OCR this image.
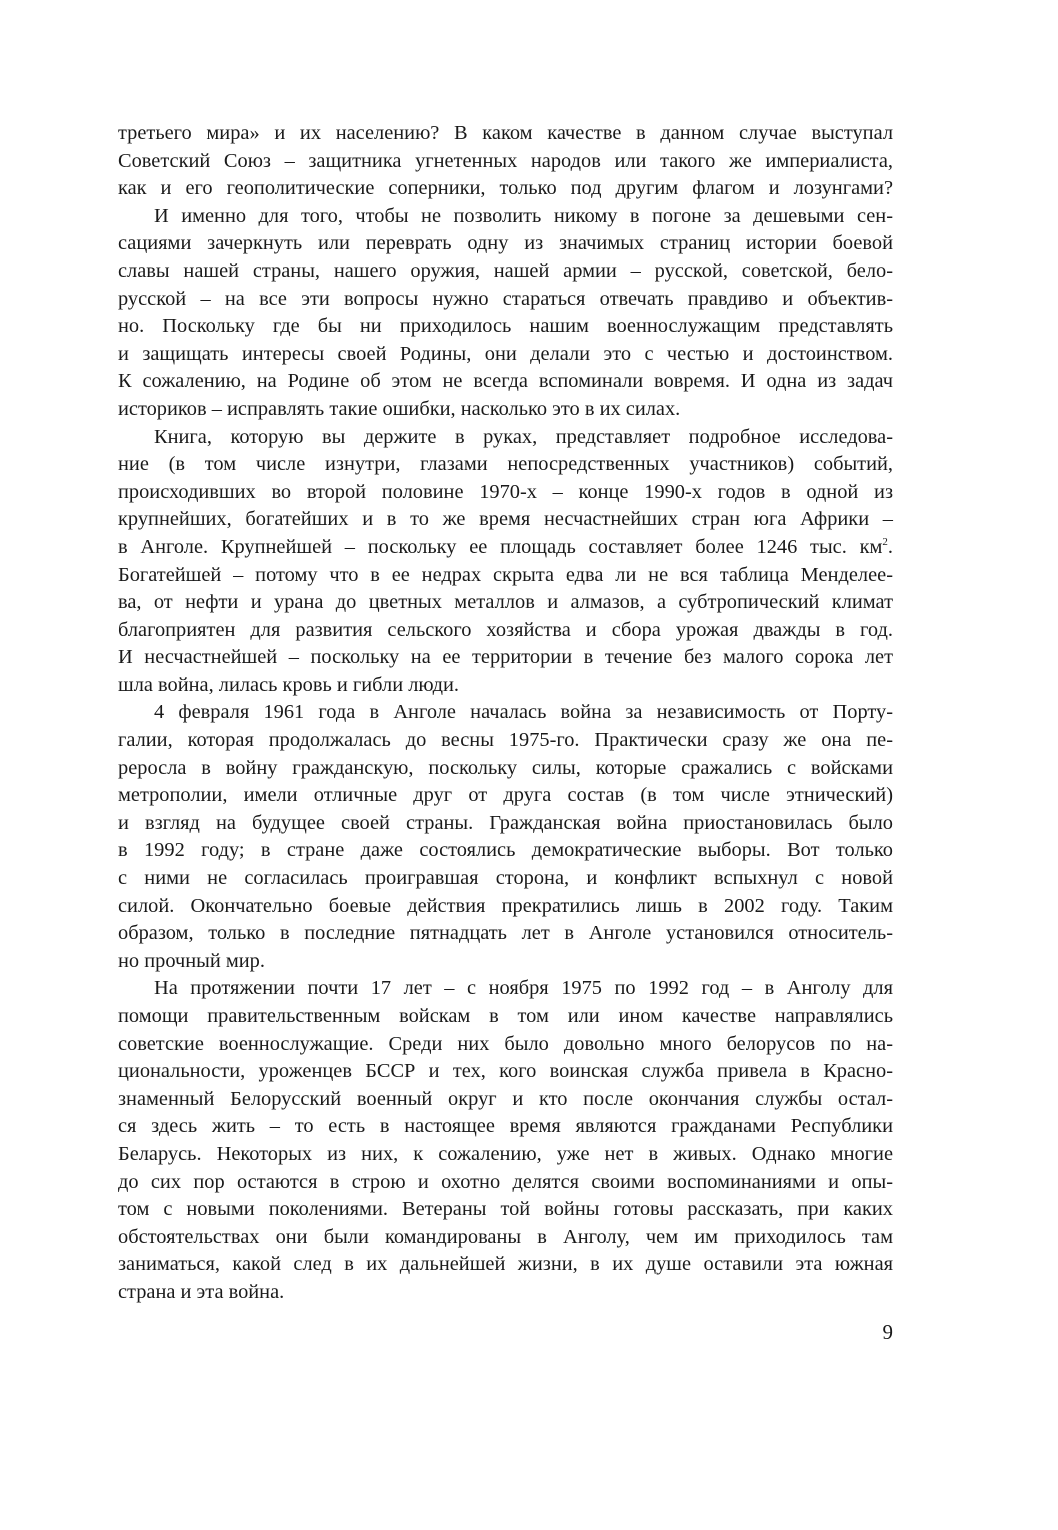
третьего мира» и их населению? В каком качестве в данном случае выступал
Советский Союз – защитника угнетенных народов или такого же империалиста,
как и его геополитические соперники, только под другим флагом и лозунгами?
И именно для того, чтобы не позволить никому в погоне за дешевыми сен-
сациями зачеркнуть или переврать одну из значимых страниц истории боевой
славы нашей страны, нашего оружия, нашей армии – русской, советской, бело-
русской – на все эти вопросы нужно стараться отвечать правдиво и объектив-
но. Поскольку где бы ни приходилось нашим военнослужащим представлять
и защищать интересы своей Родины, они делали это с честью и достоинством.
К сожалению, на Родине об этом не всегда вспоминали вовремя. И одна из задач
историков – исправлять такие ошибки, насколько это в их силах.
Книга, которую вы держите в руках, представляет подробное исследова-
ние (в том числе изнутри, глазами непосредственных участников) событий,
происходивших во второй половине 1970-х – конце 1990-х годов в одной из
крупнейших, богатейших и в то же время несчастнейших стран юга Африки –
в Анголе. Крупнейшей – поскольку ее площадь составляет более 1246 тыс. $км^2$.
Богатейшей – потому что в ее недрах скрыта едва ли не вся таблица Менделее-
ва, от нефти и урана до цветных металлов и алмазов, а субтропический климат
благоприятен для развития сельского хозяйства и сбора урожая дважды в год.
И несчастнейшей – поскольку на ее территории в течение без малого сорока лет
шла война, лилась кровь и гибли люди.
4 февраля 1961 года в Анголе началась война за независимость от Порту-
галии, которая продолжалась до весны 1975-го. Практически сразу же она пе-
реросла в войну гражданскую, поскольку силы, которые сражались с войсками
метрополии, имели отличные друг от друга состав (в том числе этнический)
и взгляд на будущее своей страны. Гражданская война приостановилась было
в 1992 году; в стране даже состоялись демократические выборы. Вот только
с ними не согласилась проигравшая сторона, и конфликт вспыхнул с новой
силой. Окончательно боевые действия прекратились лишь в 2002 году. Таким
образом, только в последние пятнадцать лет в Анголе установился относитель-
но прочный мир.
На протяжении почти 17 лет – с ноября 1975 по 1992 год – в Анголу для
помощи правительственным войскам в том или ином качестве направлялись
советские военнослужащие. Среди них было довольно много белорусов по на-
циональности, уроженцев БССР и тех, кого воинская служба привела в Красно-
знаменный Белорусский военный округ и кто после окончания службы остал-
ся здесь жить – то есть в настоящее время являются гражданами Республики
Беларусь. Некоторых из них, к сожалению, уже нет в живых. Однако многие
до сих пор остаются в строю и охотно делятся своими воспоминаниями и опы-
том с новыми поколениями. Ветераны той войны готовы рассказать, при каких
обстоятельствах они были командированы в Анголу, чем им приходилось там
заниматься, какой след в их дальнейшей жизни, в их душе оставили эта южная
страна и эта война.
9
